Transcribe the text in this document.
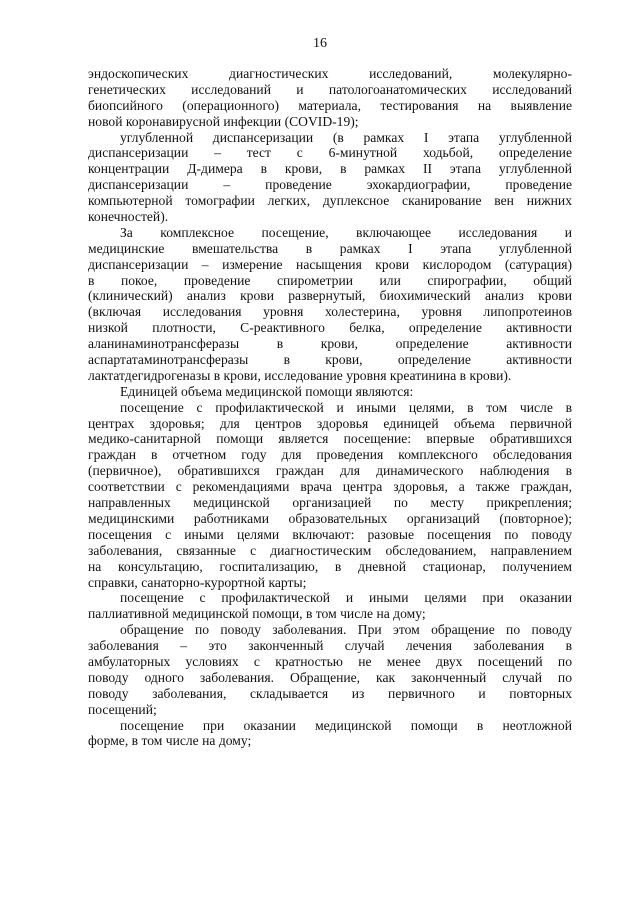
16
эндоскопических диагностических исследований, молекулярно-
генетических исследований и патологоанатомических исследований
биопсийного (операционного) материала, тестирования на выявление
новой коронавирусной инфекции (COVID-19);
углубленной диспансеризации (в рамках I этапа углубленной
диспансеризации – тест с 6-минутной ходьбой, определение
концентрации Д-димера в крови, в рамках II этапа углубленной
диспансеризации – проведение эхокардиографии, проведение
компьютерной томографии легких, дуплексное сканирование вен нижних
конечностей).
За комплексное посещение, включающее исследования и
медицинские вмешательства в рамках I этапа углубленной
диспансеризации – измерение насыщения крови кислородом (сатурация)
в покое, проведение спирометрии или спирографии, общий
(клинический) анализ крови развернутый, биохимический анализ крови
(включая исследования уровня холестерина, уровня липопротеинов
низкой плотности, С-реактивного белка, определение активности
аланинаминотрансферазы в крови, определение активности
аспартатаминотрансферазы в крови, определение активности
лактатдегидрогеназы в крови, исследование уровня креатинина в крови).
Единицей объема медицинской помощи являются:
посещение с профилактической и иными целями, в том числе в
центрах здоровья; для центров здоровья единицей объема первичной
медико-санитарной помощи является посещение: впервые обратившихся
граждан в отчетном году для проведения комплексного обследования
(первичное), обратившихся граждан для динамического наблюдения в
соответствии с рекомендациями врача центра здоровья, а также граждан,
направленных медицинской организацией по месту прикрепления;
медицинскими работниками образовательных организаций (повторное);
посещения с иными целями включают: разовые посещения по поводу
заболевания, связанные с диагностическим обследованием, направлением
на консультацию, госпитализацию, в дневной стационар, получением
справки, санаторно-курортной карты;
посещение с профилактической и иными целями при оказании
паллиативной медицинской помощи, в том числе на дому;
обращение по поводу заболевания. При этом обращение по поводу
заболевания – это законченный случай лечения заболевания в
амбулаторных условиях с кратностью не менее двух посещений по
поводу одного заболевания. Обращение, как законченный случай по
поводу заболевания, складывается из первичного и повторных
посещений;
посещение при оказании медицинской помощи в неотложной
форме, в том числе на дому;
